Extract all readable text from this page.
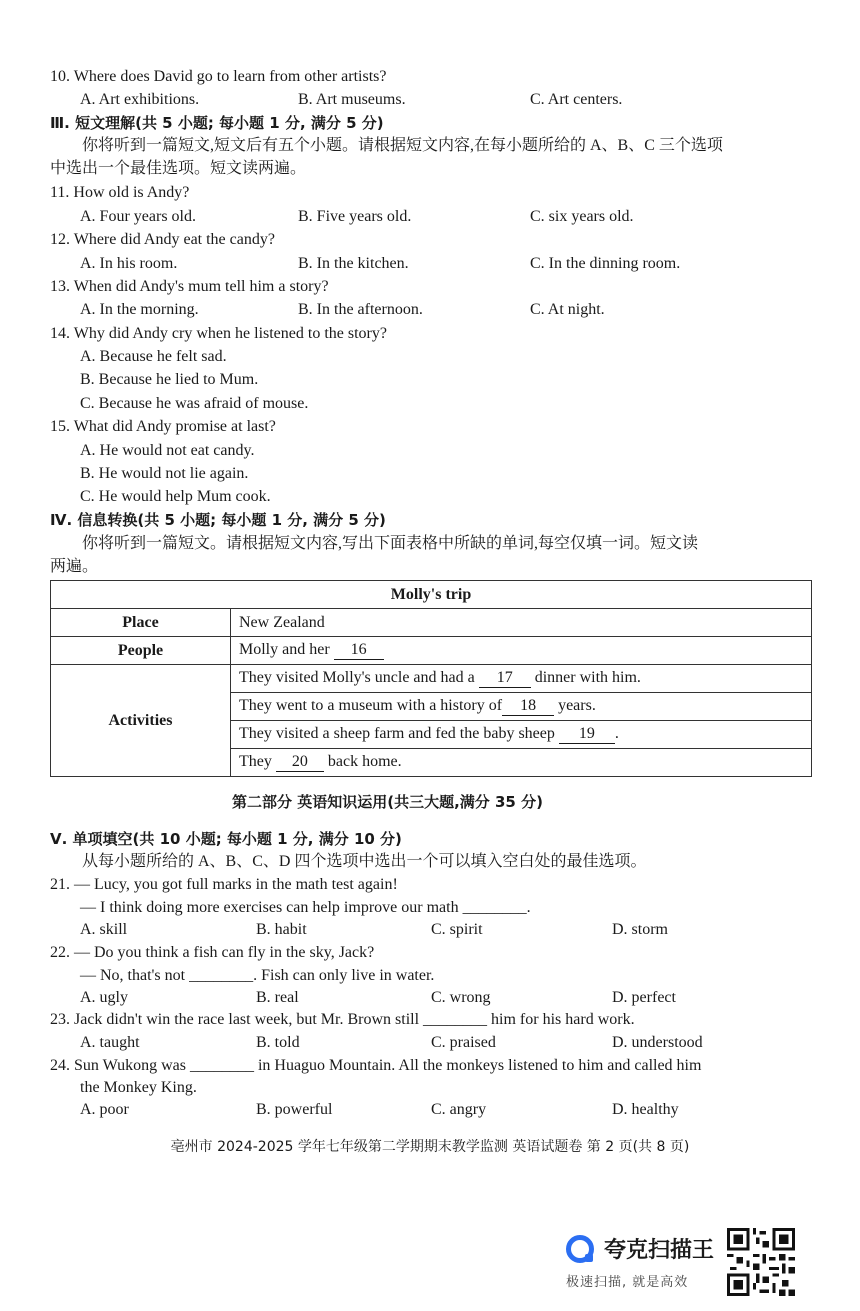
10. Where does David go to learn from other artists?
A. Art exhibitions.	B. Art museums.	C. Art centers.
Ⅲ. 短文理解(共 5 小题; 每小题 1 分, 满分 5 分)
你将听到一篇短文,短文后有五个小题。请根据短文内容,在每小题所给的 A、B、C 三个选项
中选出一个最佳选项。短文读两遍。
11. How old is Andy?
A. Four years old.	B. Five years old.	C. six years old.
12. Where did Andy eat the candy?
A. In his room.	B. In the kitchen.	C. In the dinning room.
13. When did Andy's mum tell him a story?
A. In the morning.	B. In the afternoon.	C. At night.
14. Why did Andy cry when he listened to the story?
A. Because he felt sad.
B. Because he lied to Mum.
C. Because he was afraid of mouse.
15. What did Andy promise at last?
A. He would not eat candy.
B. He would not lie again.
C. He would help Mum cook.
Ⅳ. 信息转换(共 5 小题; 每小题 1 分, 满分 5 分)
你将听到一篇短文。请根据短文内容,写出下面表格中所缺的单词,每空仅填一词。短文读
两遍。
第二部分 英语知识运用(共三大题,满分 35 分)
Ⅴ. 单项填空(共 10 小题; 每小题 1 分, 满分 10 分)
从每小题所给的 A、B、C、D 四个选项中选出一个可以填入空白处的最佳选项。
21. — Lucy, you got full marks in the math test again!
— I think doing more exercises can help improve our math ________.
A. skill	B. habit	C. spirit	D. storm
22. — Do you think a fish can fly in the sky, Jack?
— No, that's not ________. Fish can only live in water.
A. ugly	B. real	C. wrong	D. perfect
23. Jack didn't win the race last week, but Mr. Brown still ________ him for his hard work.
A. taught	B. told	C. praised	D. understood
24. Sun Wukong was ________ in Huaguo Mountain. All the monkeys listened to him and called him
the Monkey King.
A. poor	B. powerful	C. angry	D. healthy
Molly's trip	
Place	New Zealand
People	Molly and her 16
Activities	They visited Molly's uncle and had a 17 dinner with him.
	They went to a museum with a history of 18 years.
	They visited a sheep farm and fed the baby sheep 19 .
	They 20 back home.
亳州市 2024-2025 学年七年级第二学期期末教学监测 英语试题卷 第 2 页(共 8 页)
夸克扫描王
极速扫描, 就是高效
